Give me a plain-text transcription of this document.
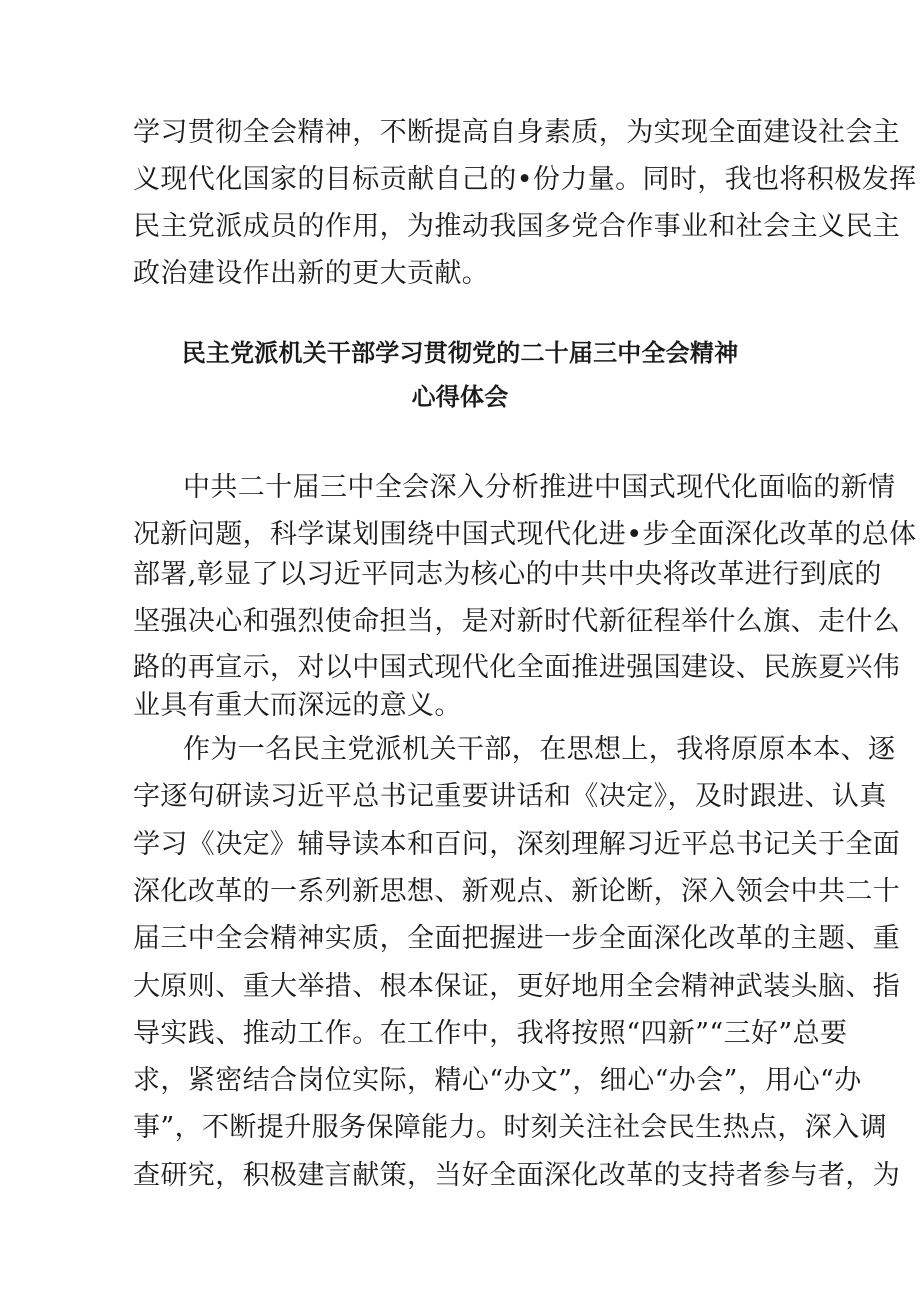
学习贯彻全会精神，不断提高自身素质，为实现全面建设社会主
义现代化国家的目标贡献自己的•份力量。同时，我也将积极发挥
民主党派成员的作用，为推动我国多党合作事业和社会主义民主
政治建设作出新的更大贡献。
民主党派机关干部学习贯彻党的二十届三中全会精神
心得体会
中共二十届三中全会深入分析推进中国式现代化面临的新情
况新问题，科学谋划围绕中国式现代化进•步全面深化改革的总体
部署,彰显了以习近平同志为核心的中共中央将改革进行到底的
坚强决心和强烈使命担当，是对新时代新征程举什么旗、走什么
路的再宣示，对以中国式现代化全面推进强国建设、民族夏兴伟
业具有重大而深远的意义。
作为一名民主党派机关干部，在思想上，我将原原本本、逐
字逐句研读习近平总书记重要讲话和《决定》，及时跟进、认真
学习《决定》辅导读本和百问，深刻理解习近平总书记关于全面
深化改革的一系列新思想、新观点、新论断，深入领会中共二十
届三中全会精神实质，全面把握进一步全面深化改革的主题、重
大原则、重大举措、根本保证，更好地用全会精神武装头脑、指
导实践、推动工作。在工作中，我将按照“四新”“三好”总要
求，紧密结合岗位实际，精心“办文”，细心“办会”，用心“办
事”，不断提升服务保障能力。时刻关注社会民生热点，深入调
查研究，积极建言献策，当好全面深化改革的支持者参与者，为
